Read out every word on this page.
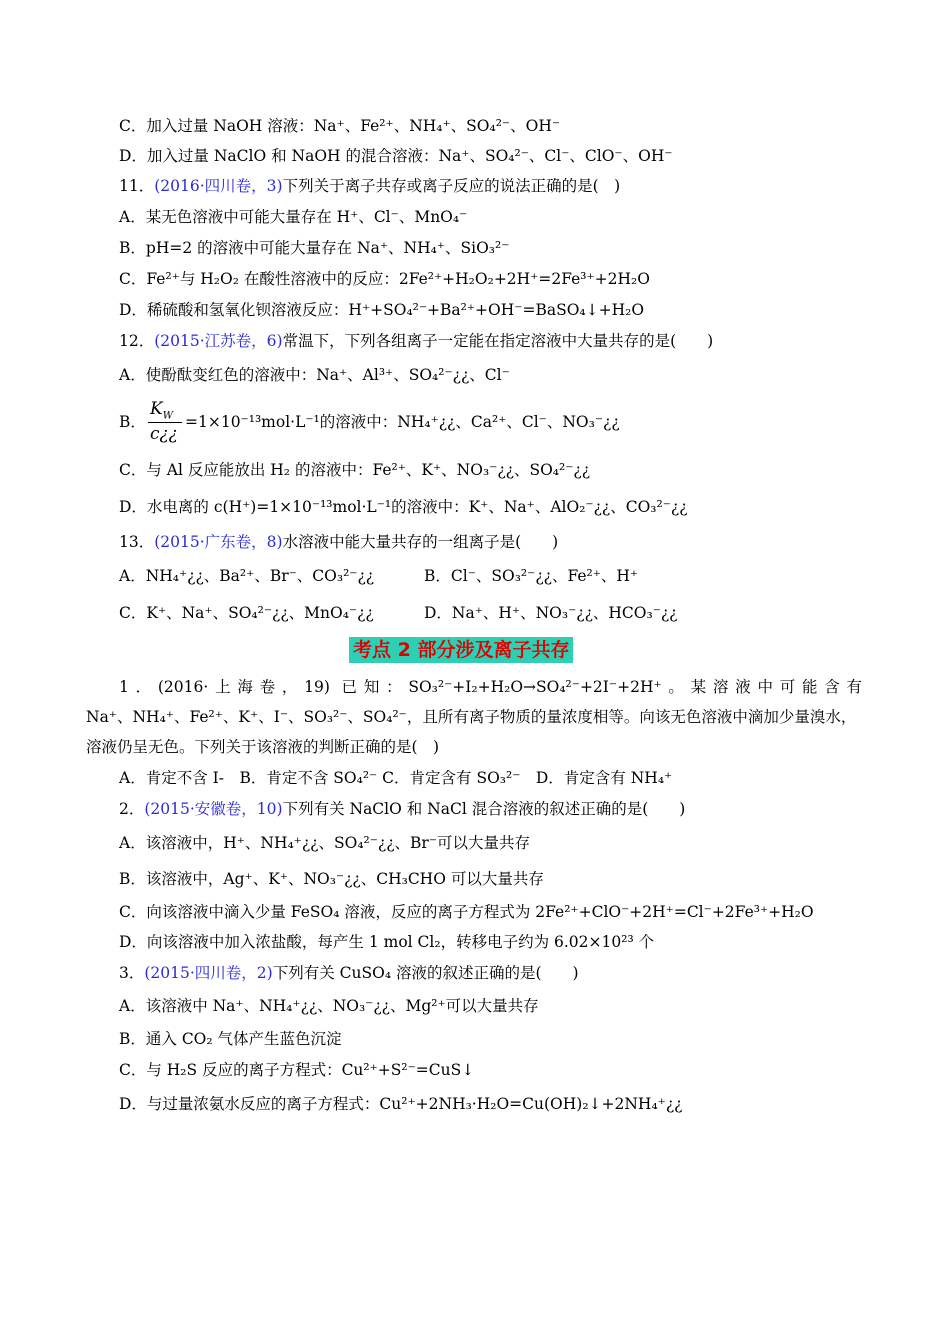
C．加入过量 NaOH 溶液：Na⁺、Fe²⁺、NH₄⁺、SO₄²⁻、OH⁻
D．加入过量 NaClO 和 NaOH 的混合溶液：Na⁺、SO₄²⁻、Cl⁻、ClO⁻、OH⁻
11．(2016·四川卷，3)下列关于离子共存或离子反应的说法正确的是(　)
A．某无色溶液中可能大量存在 H⁺、Cl⁻、MnO₄⁻
B．pH=2 的溶液中可能大量存在 Na⁺、NH₄⁺、SiO₃²⁻
C．Fe²⁺与 H₂O₂ 在酸性溶液中的反应：2Fe²⁺+H₂O₂+2H⁺=2Fe³⁺+2H₂O
D．稀硫酸和氢氧化钡溶液反应：H⁺+SO₄²⁻+Ba²⁺+OH⁻=BaSO₄↓+H₂O
12．(2015·江苏卷，6)常温下，下列各组离子一定能在指定溶液中大量共存的是(　　)
A．使酚酞变红色的溶液中：Na⁺、Al³⁺、SO₄²⁻¿¿、Cl⁻
B．
$K_W$
c¿¿
=1×10⁻¹³mol·L⁻¹的溶液中：NH₄⁺¿¿、Ca²⁺、Cl⁻、NO₃⁻¿¿
C．与 Al 反应能放出 H₂ 的溶液中：Fe²⁺、K⁺、NO₃⁻¿¿、SO₄²⁻¿¿
D．水电离的 c(H⁺)=1×10⁻¹³mol·L⁻¹的溶液中：K⁺、Na⁺、AlO₂⁻¿¿、CO₃²⁻¿¿
13．(2015·广东卷，8)水溶液中能大量共存的一组离子是(　　)
A．NH₄⁺¿¿、Ba²⁺、Br⁻、CO₃²⁻¿¿	B．Cl⁻、SO₃²⁻¿¿、Fe²⁺、H⁺
C．K⁺、Na⁺、SO₄²⁻¿¿、MnO₄⁻¿¿	D．Na⁺、H⁺、NO₃⁻¿¿、HCO₃⁻¿¿
考点 2 部分涉及离子共存
1．(2016·上海卷，19) 已知：SO₃²⁻+I₂+H₂O→SO₄²⁻+2I⁻+2H⁺。某溶液中可能含有
Na⁺、NH₄⁺、Fe²⁺、K⁺、I⁻、SO₃²⁻、SO₄²⁻，且所有离子物质的量浓度相等。向该无色溶液中滴加少量溴水，
溶液仍呈无色。下列关于该溶液的判断正确的是(　)
A．肯定不含 I-　B．肯定不含 SO₄²⁻ C．肯定含有 SO₃²⁻　D．肯定含有 NH₄⁺
2．(2015·安徽卷，10)下列有关 NaClO 和 NaCl 混合溶液的叙述正确的是(　　)
A．该溶液中，H⁺、NH₄⁺¿¿、SO₄²⁻¿¿、Br⁻可以大量共存
B．该溶液中，Ag⁺、K⁺、NO₃⁻¿¿、CH₃CHO 可以大量共存
C．向该溶液中滴入少量 FeSO₄ 溶液，反应的离子方程式为 2Fe²⁺+ClO⁻+2H⁺=Cl⁻+2Fe³⁺+H₂O
D．向该溶液中加入浓盐酸，每产生 1 mol Cl₂，转移电子约为 6.02×10²³ 个
3．(2015·四川卷，2)下列有关 CuSO₄ 溶液的叙述正确的是(　　)
A．该溶液中 Na⁺、NH₄⁺¿¿、NO₃⁻¿¿、Mg²⁺可以大量共存
B．通入 CO₂ 气体产生蓝色沉淀
C．与 H₂S 反应的离子方程式：Cu²⁺+S²⁻=CuS↓
D．与过量浓氨水反应的离子方程式：Cu²⁺+2NH₃·H₂O=Cu(OH)₂↓+2NH₄⁺¿¿
